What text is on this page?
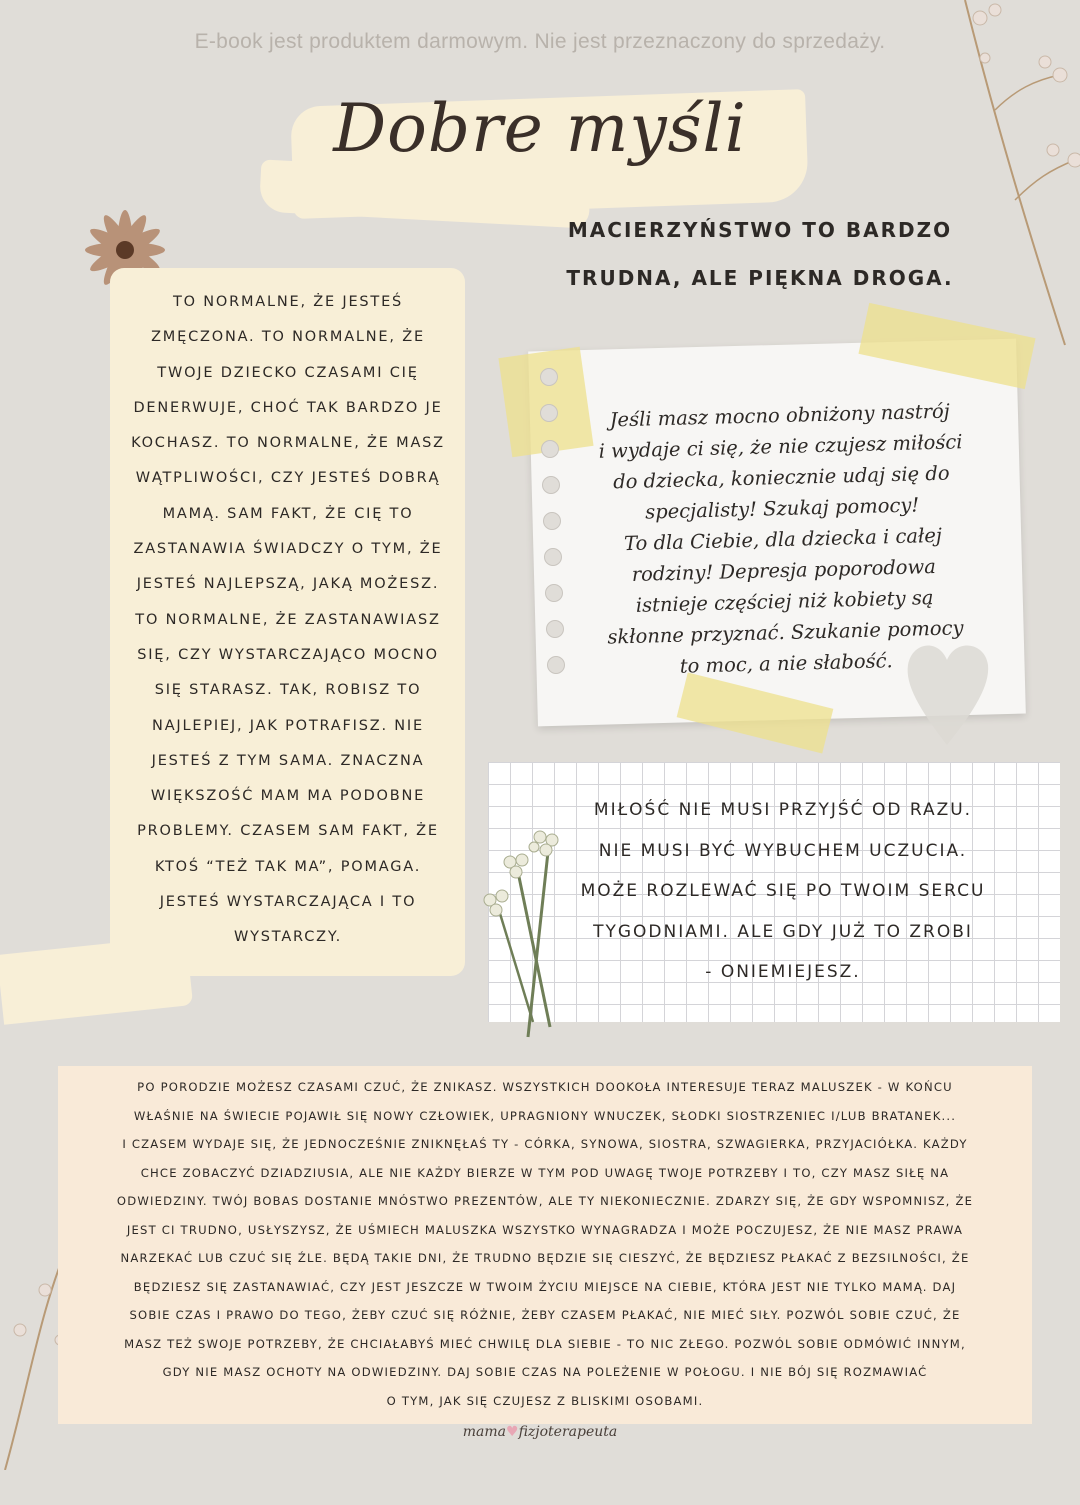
E-book jest produktem darmowym. Nie jest przeznaczony do sprzedaży.
Dobre myśli
MACIERZYŃSTWO TO BARDZO
TRUDNA, ALE PIĘKNA DROGA.
TO NORMALNE, ŻE JESTEŚ
ZMĘCZONA. TO NORMALNE, ŻE
TWOJE DZIECKO CZASAMI CIĘ
DENERWUJE, CHOĆ TAK BARDZO JE
KOCHASZ. TO NORMALNE, ŻE MASZ
WĄTPLIWOŚCI, CZY JESTEŚ DOBRĄ
MAMĄ. SAM FAKT, ŻE CIĘ TO
ZASTANAWIA ŚWIADCZY O TYM, ŻE
JESTEŚ NAJLEPSZĄ, JAKĄ MOŻESZ.
TO NORMALNE, ŻE ZASTANAWIASZ
SIĘ, CZY WYSTARCZAJĄCO MOCNO
SIĘ STARASZ. TAK, ROBISZ TO
NAJLEPIEJ, JAK POTRAFISZ. NIE
JESTEŚ Z TYM SAMA. ZNACZNA
WIĘKSZOŚĆ MAM MA PODOBNE
PROBLEMY. CZASEM SAM FAKT, ŻE
KTOŚ “TEŻ TAK MA”, POMAGA.
JESTEŚ WYSTARCZAJĄCA I TO
WYSTARCZY.
Jeśli masz mocno obniżony nastrój
i wydaje ci się, że nie czujesz miłości
do dziecka, koniecznie udaj się do
specjalisty! Szukaj pomocy!
To dla Ciebie, dla dziecka i całej
rodziny! Depresja poporodowa
istnieje częściej niż kobiety są
skłonne przyznać. Szukanie pomocy
to moc, a nie słabość.
MIŁOŚĆ NIE MUSI PRZYJŚĆ OD RAZU.
NIE MUSI BYĆ WYBUCHEM UCZUCIA.
MOŻE ROZLEWAĆ SIĘ PO TWOIM SERCU
TYGODNIAMI. ALE GDY JUŻ TO ZROBI
- ONIEMIEJESZ.
PO PORODZIE MOŻESZ CZASAMI CZUĆ, ŻE ZNIKASZ. WSZYSTKICH DOOKOŁA INTERESUJE TERAZ MALUSZEK - W KOŃCU
WŁAŚNIE NA ŚWIECIE POJAWIŁ SIĘ NOWY CZŁOWIEK, UPRAGNIONY WNUCZEK, SŁODKI SIOSTRZENIEC I/LUB BRATANEK...
I CZASEM WYDAJE SIĘ, ŻE JEDNOCZEŚNIE ZNIKNĘŁAŚ TY - CÓRKA, SYNOWA, SIOSTRA, SZWAGIERKA, PRZYJACIÓŁKA. KAŻDY
CHCE ZOBACZYĆ DZIADZIUSIA, ALE NIE KAŻDY BIERZE W TYM POD UWAGĘ TWOJE POTRZEBY I TO, CZY MASZ SIŁĘ NA
ODWIEDZINY. TWÓJ BOBAS DOSTANIE MNÓSTWO PREZENTÓW, ALE TY NIEKONIECZNIE. ZDARZY SIĘ, ŻE GDY WSPOMNISZ, ŻE
JEST CI TRUDNO, USŁYSZYSZ, ŻE UŚMIECH MALUSZKA WSZYSTKO WYNAGRADZA I MOŻE POCZUJESZ, ŻE NIE MASZ PRAWA
NARZEKAĆ LUB CZUĆ SIĘ ŹLE. BĘDĄ TAKIE DNI, ŻE TRUDNO BĘDZIE SIĘ CIESZYĆ, ŻE BĘDZIESZ PŁAKAĆ Z BEZSILNOŚCI, ŻE
BĘDZIESZ SIĘ ZASTANAWIAĆ, CZY JEST JESZCZE W TWOIM ŻYCIU MIEJSCE NA CIEBIE, KTÓRA JEST NIE TYLKO MAMĄ. DAJ
SOBIE CZAS I PRAWO DO TEGO, ŻEBY CZUĆ SIĘ RÓŻNIE, ŻEBY CZASEM PŁAKAĆ, NIE MIEĆ SIŁY. POZWÓL SOBIE CZUĆ, ŻE
MASZ TEŻ SWOJE POTRZEBY, ŻE CHCIAŁABYŚ MIEĆ CHWILĘ DLA SIEBIE - TO NIC ZŁEGO. POZWÓL SOBIE ODMÓWIĆ INNYM,
GDY NIE MASZ OCHOTY NA ODWIEDZINY. DAJ SOBIE CZAS NA POLEŻENIE W POŁOGU. I NIE BÓJ SIĘ ROZMAWIAĆ
O TYM, JAK SIĘ CZUJESZ Z BLISKIMI OSOBAMI.
mama♥fizjoterapeuta
